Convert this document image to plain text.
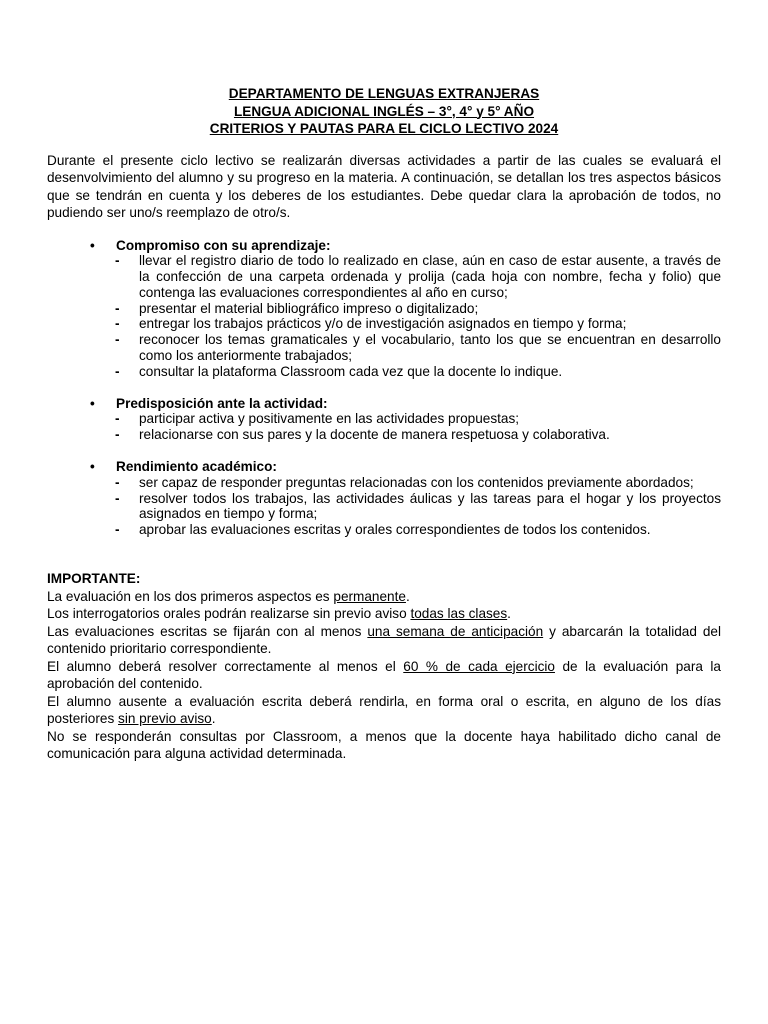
DEPARTAMENTO DE LENGUAS EXTRANJERAS
LENGUA ADICIONAL INGLÉS – 3°, 4° y 5° AÑO
CRITERIOS Y PAUTAS PARA EL CICLO LECTIVO 2024

Durante el presente ciclo lectivo se realizarán diversas actividades a partir de las cuales se evaluará el desenvolvimiento del alumno y su progreso en la materia. A continuación, se detallan los tres aspectos básicos que se tendrán en cuenta y los deberes de los estudiantes. Debe quedar clara la aprobación de todos, no pudiendo ser uno/s reemplazo de otro/s.

• Compromiso con su aprendizaje:
- llevar el registro diario de todo lo realizado en clase, aún en caso de estar ausente, a través de la confección de una carpeta ordenada y prolija (cada hoja con nombre, fecha y folio) que contenga las evaluaciones correspondientes al año en curso;
- presentar el material bibliográfico impreso o digitalizado;
- entregar los trabajos prácticos y/o de investigación asignados en tiempo y forma;
- reconocer los temas gramaticales y el vocabulario, tanto los que se encuentran en desarrollo como los anteriormente trabajados;
- consultar la plataforma Classroom cada vez que la docente lo indique.
• Predisposición ante la actividad:
- participar activa y positivamente en las actividades propuestas;
- relacionarse con sus pares y la docente de manera respetuosa y colaborativa.
• Rendimiento académico:
- ser capaz de responder preguntas relacionadas con los contenidos previamente abordados;
- resolver todos los trabajos, las actividades áulicas y las tareas para el hogar y los proyectos asignados en tiempo y forma;
- aprobar las evaluaciones escritas y orales correspondientes de todos los contenidos.
IMPORTANTE:

La evaluación en los dos primeros aspectos es permanente.

Los interrogatorios orales podrán realizarse sin previo aviso todas las clases.

Las evaluaciones escritas se fijarán con al menos una semana de anticipación y abarcarán la totalidad del contenido prioritario correspondiente.

El alumno deberá resolver correctamente al menos el 60 % de cada ejercicio de la evaluación para la aprobación del contenido.

El alumno ausente a evaluación escrita deberá rendirla, en forma oral o escrita, en alguno de los días posteriores sin previo aviso.

No se responderán consultas por Classroom, a menos que la docente haya habilitado dicho canal de comunicación para alguna actividad determinada.
